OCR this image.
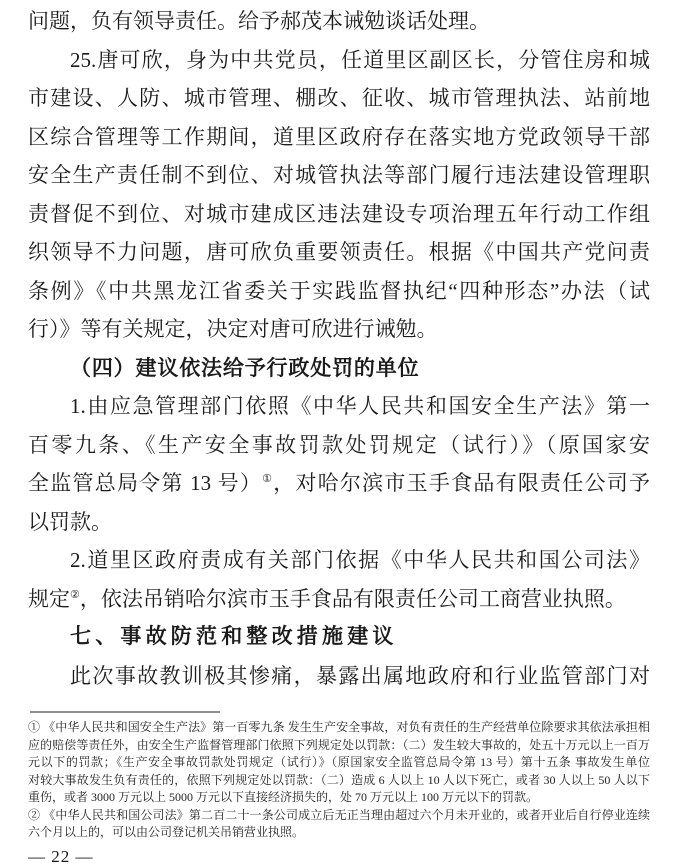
问题，负有领导责任。给予郝茂本诫勉谈话处理。
25.唐可欣，身为中共党员，任道里区副区长，分管住房和城
市建设、人防、城市管理、棚改、征收、城市管理执法、站前地
区综合管理等工作期间，道里区政府存在落实地方党政领导干部
安全生产责任制不到位、对城管执法等部门履行违法建设管理职
责督促不到位、对城市建成区违法建设专项治理五年行动工作组
织领导不力问题，唐可欣负重要领责任。根据《中国共产党问责
条例》《中共黑龙江省委关于实践监督执纪“四种形态”办法（试
行）》等有关规定，决定对唐可欣进行诫勉。
（四）建议依法给予行政处罚的单位
1.由应急管理部门依照《中华人民共和国安全生产法》第一
百零九条、《生产安全事故罚款处罚规定（试行）》（原国家安
全监管总局令第 13 号）①，对哈尔滨市玉手食品有限责任公司予
以罚款。
2.道里区政府责成有关部门依据《中华人民共和国公司法》
规定②，依法吊销哈尔滨市玉手食品有限责任公司工商营业执照。
七、事故防范和整改措施建议
此次事故教训极其惨痛，暴露出属地政府和行业监管部门对
① 《中华人民共和国安全生产法》第一百零九条 发生生产安全事故，对负有责任的生产经营单位除要求其依法承担相
应的赔偿等责任外，由安全生产监督管理部门依照下列规定处以罚款：（二）发生较大事故的，处五十万元以上一百万
元以下的罚款；《生产安全事故罚款处罚规定（试行）》（原国家安全监管总局令第 13 号）第十五条 事故发生单位
对较大事故发生负有责任的，依照下列规定处以罚款：（二）造成 6 人以上 10 人以下死亡，或者 30 人以上 50 人以下
重伤，或者 3000 万元以上 5000 万元以下直接经济损失的，处 70 万元以上 100 万元以下的罚款。
② 《中华人民共和国公司法》第二百二十一条公司成立后无正当理由超过六个月未开业的，或者开业后自行停业连续
六个月以上的，可以由公司登记机关吊销营业执照。
— 22 —
